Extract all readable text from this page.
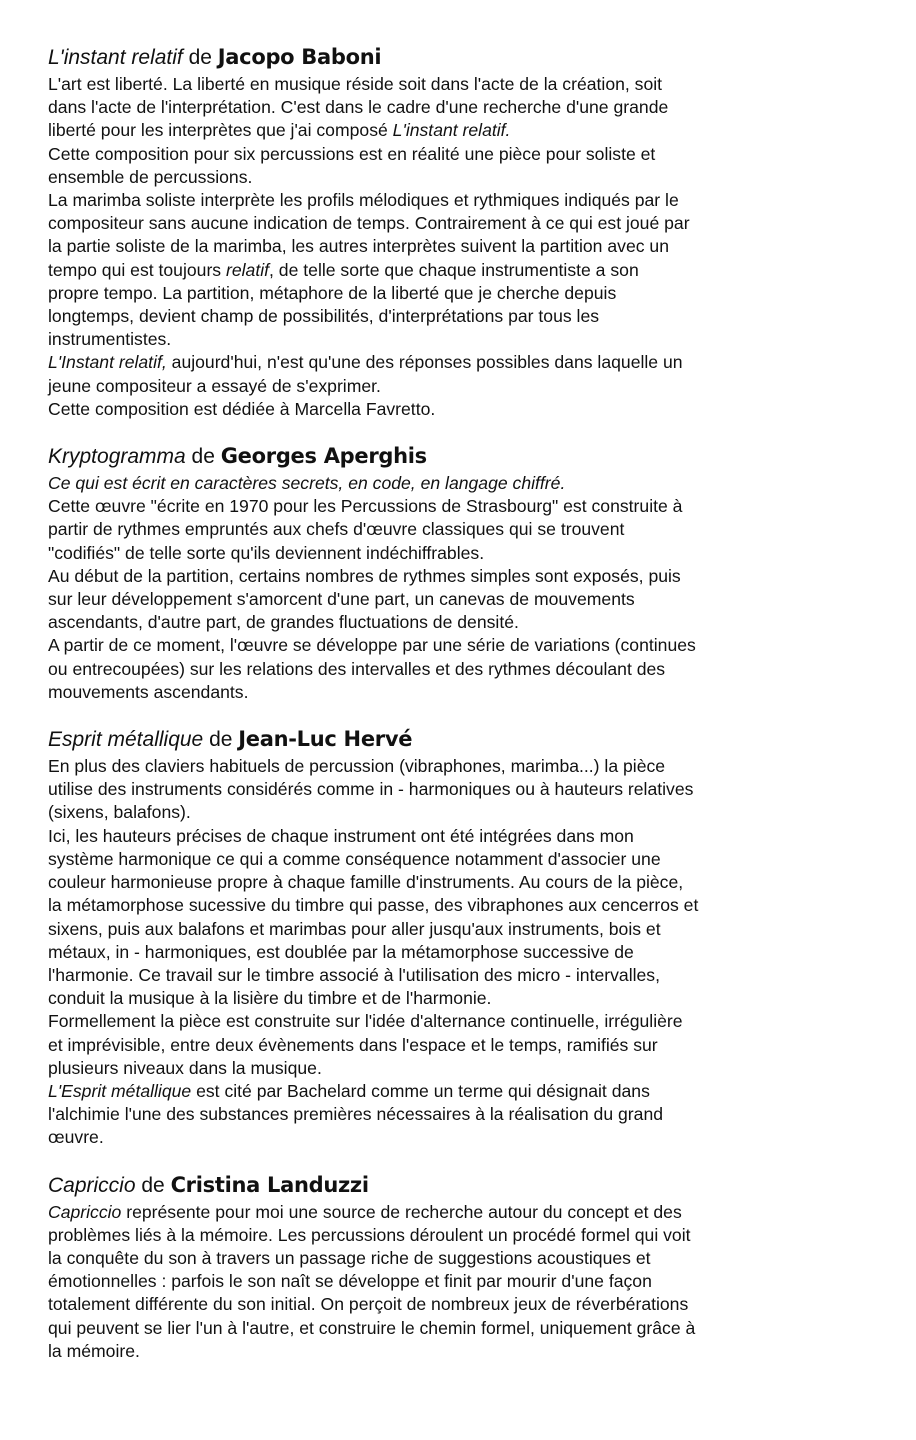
L'instant relatif de Jacopo Baboni
L'art est liberté. La liberté en musique réside soit dans l'acte de la création, soit
dans l'acte de l'interprétation. C'est dans le cadre d'une recherche d'une grande
liberté pour les interprètes que j'ai composé L'instant relatif.
Cette composition pour six percussions est en réalité une pièce pour soliste et
ensemble de percussions.
La marimba soliste interprète les profils mélodiques et rythmiques indiqués par le
compositeur sans aucune indication de temps. Contrairement à ce qui est joué par
la partie soliste de la marimba, les autres interprètes suivent la partition avec un
tempo qui est toujours relatif, de telle sorte que chaque instrumentiste a son
propre tempo. La partition, métaphore de la liberté que je cherche depuis
longtemps, devient champ de possibilités, d'interprétations par tous les
instrumentistes.
L'Instant relatif, aujourd'hui, n'est qu'une des réponses possibles dans laquelle un
jeune compositeur a essayé de s'exprimer.
Cette composition est dédiée à Marcella Favretto.
Kryptogramma de Georges Aperghis
Ce qui est écrit en caractères secrets, en code, en langage chiffré.
Cette œuvre "écrite en 1970 pour les Percussions de Strasbourg" est construite à
partir de rythmes empruntés aux chefs d'œuvre classiques qui se trouvent
"codifiés" de telle sorte qu'ils deviennent indéchiffrables.
Au début de la partition, certains nombres de rythmes simples sont exposés, puis
sur leur développement s'amorcent d'une part, un canevas de mouvements
ascendants, d'autre part, de grandes fluctuations de densité.
A partir de ce moment, l'œuvre se développe par une série de variations (continues
ou entrecoupées) sur les relations des intervalles et des rythmes découlant des
mouvements ascendants.
Esprit métallique de Jean-Luc Hervé
En plus des claviers habituels de percussion (vibraphones, marimba...) la pièce
utilise des instruments considérés comme in - harmoniques ou à hauteurs relatives
(sixens, balafons).
Ici, les hauteurs précises de chaque instrument ont été intégrées dans mon
système harmonique ce qui a comme conséquence notamment d'associer une
couleur harmonieuse propre à chaque famille d'instruments. Au cours de la pièce,
la métamorphose sucessive du timbre qui passe, des vibraphones aux cencerros et
sixens, puis aux balafons et marimbas pour aller jusqu'aux instruments, bois et
métaux, in - harmoniques, est doublée par la métamorphose successive de
l'harmonie. Ce travail sur le timbre associé à l'utilisation des micro - intervalles,
conduit la musique à la lisière du timbre et de l'harmonie.
Formellement la pièce est construite sur l'idée d'alternance continuelle, irrégulière
et imprévisible, entre deux évènements dans l'espace et le temps, ramifiés sur
plusieurs niveaux dans la musique.
L'Esprit métallique est cité par Bachelard comme un terme qui désignait dans
l'alchimie l'une des substances premières nécessaires à la réalisation du grand
œuvre.
Capriccio de Cristina Landuzzi
Capriccio représente pour moi une source de recherche autour du concept et des
problèmes liés à la mémoire. Les percussions déroulent un procédé formel qui voit
la conquête du son à travers un passage riche de suggestions acoustiques et
émotionnelles : parfois le son naît se développe et finit par mourir d'une façon
totalement différente du son initial. On perçoit de nombreux jeux de réverbérations
qui peuvent se lier l'un à l'autre, et construire le chemin formel, uniquement grâce à
la mémoire.
